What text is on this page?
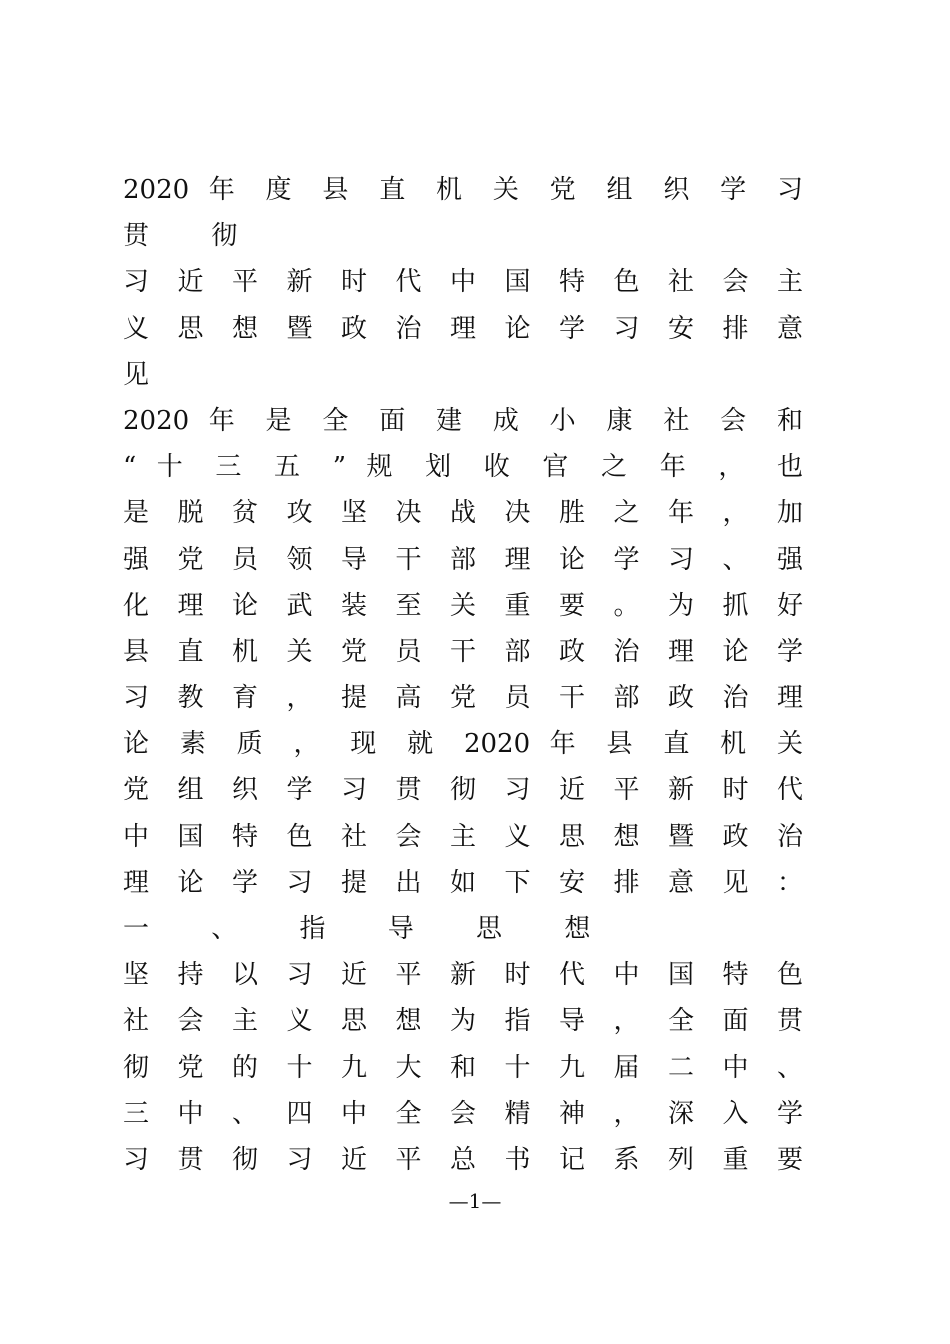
2020 年 度 县 直 机 关 党 组 织 学 习
贯 彻
习 近 平 新 时 代 中 国 特 色 社 会 主
义 思 想 暨 政 治 理 论 学 习 安 排 意
见
2020 年 是 全 面 建 成 小 康 社 会 和
“ 十 三 五 ” 规 划 收 官 之 年 ， 也
是 脱 贫 攻 坚 决 战 决 胜 之 年 ， 加
强 党 员 领 导 干 部 理 论 学 习 、 强
化 理 论 武 装 至 关 重 要 。 为 抓 好
县 直 机 关 党 员 干 部 政 治 理 论 学
习 教 育 ， 提 高 党 员 干 部 政 治 理
论 素 质 ， 现 就 2020 年 县 直 机 关
党 组 织 学 习 贯 彻 习 近 平 新 时 代
中 国 特 色 社 会 主 义 思 想 暨 政 治
理 论 学 习 提 出 如 下 安 排 意 见 ：
一 、 指 导 思 想
坚 持 以 习 近 平 新 时 代 中 国 特 色
社 会 主 义 思 想 为 指 导 ， 全 面 贯
彻 党 的 十 九 大 和 十 九 届 二 中 、
三 中 、 四 中 全 会 精 神 ， 深 入 学
习 贯 彻 习 近 平 总 书 记 系 列 重 要
—1—
